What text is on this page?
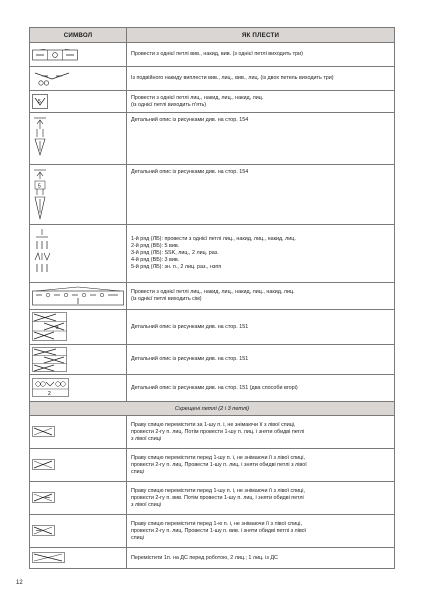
СИМВОЛ	ЯК ПЛЕСТИ

Провести з однієї петлі вив., накид, вив. (з однієї петлі виходить три)

Із подвійного накиду виплести вив., лиц., вив., лиц. (із двох петель виходить три)

5	Провести з однієї петлі лиц., накид, лиц., накид, лиц.
(із однієї петлі виходить п'ять)

Детальний опис із рисунками див. на стор. 154

5	Детальний опис із рисунками див. на стор. 154

1-й ряд (ЛБ): провести з однієї петлі лиц., накид, лиц., накид, лиц.
2-й ряд (ВБ): 5 вив.
3-й ряд (ЛБ): SSK, лиц., 2 лиц. раз.
4-й ряд (ВБ): 3 вив.
5-й ряд (ЛБ): зн. п., 2 лиц. раз., нзпп

Провести з однієї петлі лиц., накид, лиц., накид, лиц., накид, лиц.
(із однієї петлі виходить сім)

3	Детальний опис із рисунками див. на стор. 151

Детальний опис із рисунками див. на стор. 151

2	Детальний опис із рисунками див. на стор. 151 (два способи вгорі)

Схрещені петлі (2 і 3 петлі)	

Праву спицю перемістити за 1-шу п. і, не знімаючи її з лівої спиці,
провести 2-гу п. лиц. Потім провести 1-шу п. лиц. і зняти обидві петлі
з лівої спиці

Праву спицю перемістити перед 1-шу п. і, не знімаючи її з лівої спиці,
провести 2-гу п. лиц. Провести 1-шу п. лиц. і зняти обидві петлі з лівої
спиці

Праву спицю перемістити перед 1-шу п. і, не знімаючи її з лівої спиці,
провести 2-гу п. вив. Потім провести 1-шу п. лиц. і зняти обидві петлі
з лівої спиці

Праву спицю перемістити перед 1-ю п. і, не знімаючи її з лівої спиці,
провести 2-гу п. лиц. Провести 1-шу п. вив. і зняти обидві петлі з лівої
спиці

Перемістити 1п. на ДС перед роботою, 2 лиц.; 1 лиц. із ДС
12
